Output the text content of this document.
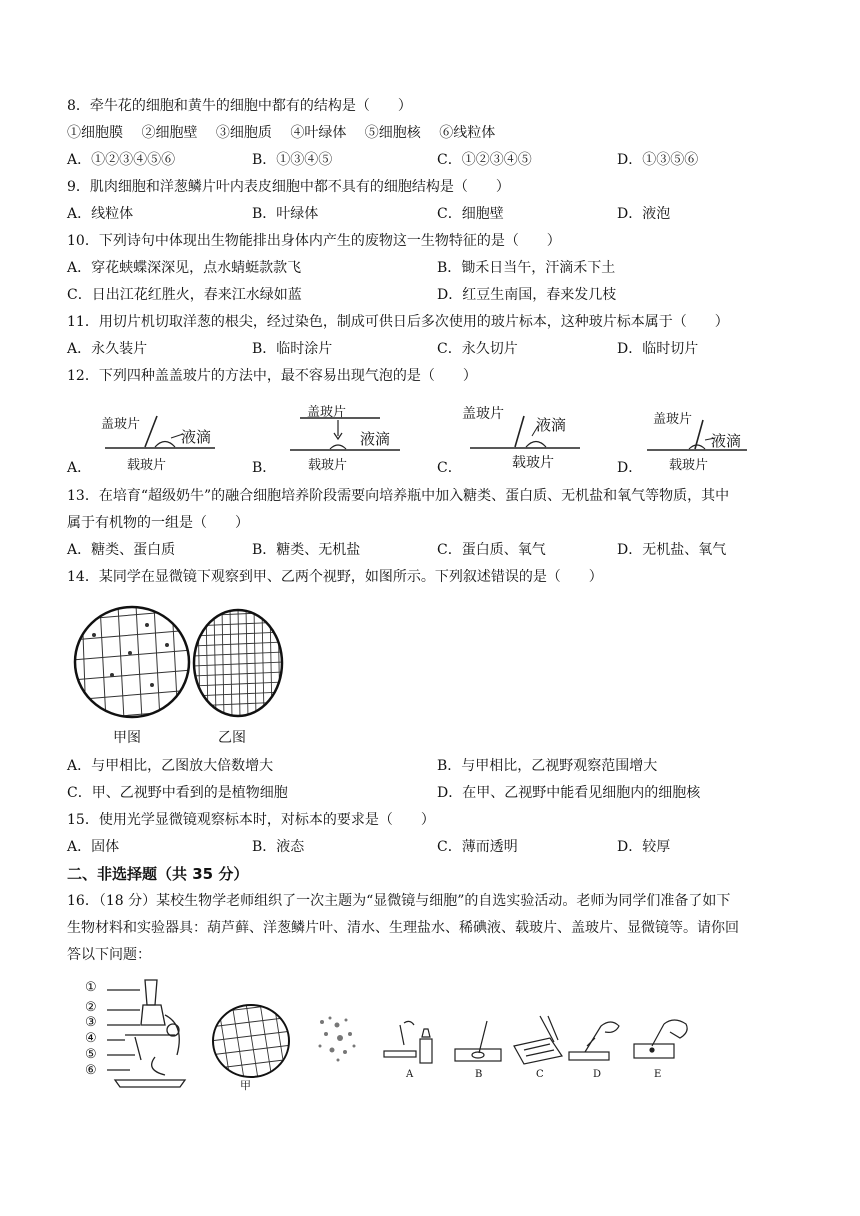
8．牵牛花的细胞和黄牛的细胞中都有的结构是（　　）
①细胞膜　 ②细胞壁　 ③细胞质　 ④叶绿体　 ⑤细胞核　 ⑥线粒体
A．①②③④⑤⑥	B．①③④⑤	C．①②③④⑤	D．①③⑤⑥
9．肌肉细胞和洋葱鳞片叶内表皮细胞中都不具有的细胞结构是（　　）
A．线粒体	B．叶绿体	C．细胞壁	D．液泡
10．下列诗句中体现出生物能排出身体内产生的废物这一生物特征的是（　　）
A．穿花蛱蝶深深见，点水蜻蜓款款飞	B．锄禾日当午，汗滴禾下土
C．日出江花红胜火，春来江水绿如蓝	D．红豆生南国，春来发几枝
11．用切片机切取洋葱的根尖，经过染色，制成可供日后多次使用的玻片标本，这种玻片标本属于（　　）
A．永久装片	B．临时涂片	C．永久切片	D．临时切片
12．下列四种盖盖玻片的方法中，最不容易出现气泡的是（　　）
A．	B．	C．	D．
盖玻片
液滴
载玻片
盖玻片
液滴
载玻片
盖玻片
液滴
载玻片
盖玻片
液滴
载玻片
13．在培育“超级奶牛”的融合细胞培养阶段需要向培养瓶中加入糖类、蛋白质、无机盐和氧气等物质，其中
属于有机物的一组是（　　）
A．糖类、蛋白质	B．糖类、无机盐	C．蛋白质、氧气	D．无机盐、氧气
14．某同学在显微镜下观察到甲、乙两个视野，如图所示。下列叙述错误的是（　　）
甲图	乙图
A．与甲相比，乙图放大倍数增大	B．与甲相比，乙视野观察范围增大
C．甲、乙视野中看到的是植物细胞	D．在甲、乙视野中能看见细胞内的细胞核
15．使用光学显微镜观察标本时，对标本的要求是（　　）
A．固体	B．液态	C．薄而透明	D．较厚
二、非选择题（共 35 分）
16．（18 分）某校生物学老师组织了一次主题为“显微镜与细胞”的自选实验活动。老师为同学们准备了如下
生物材料和实验器具：葫芦藓、洋葱鳞片叶、清水、生理盐水、稀碘液、载玻片、盖玻片、显微镜等。请你回
答以下问题：
①
②
③
④
⑤
⑥
甲
A	B	C	D	E
